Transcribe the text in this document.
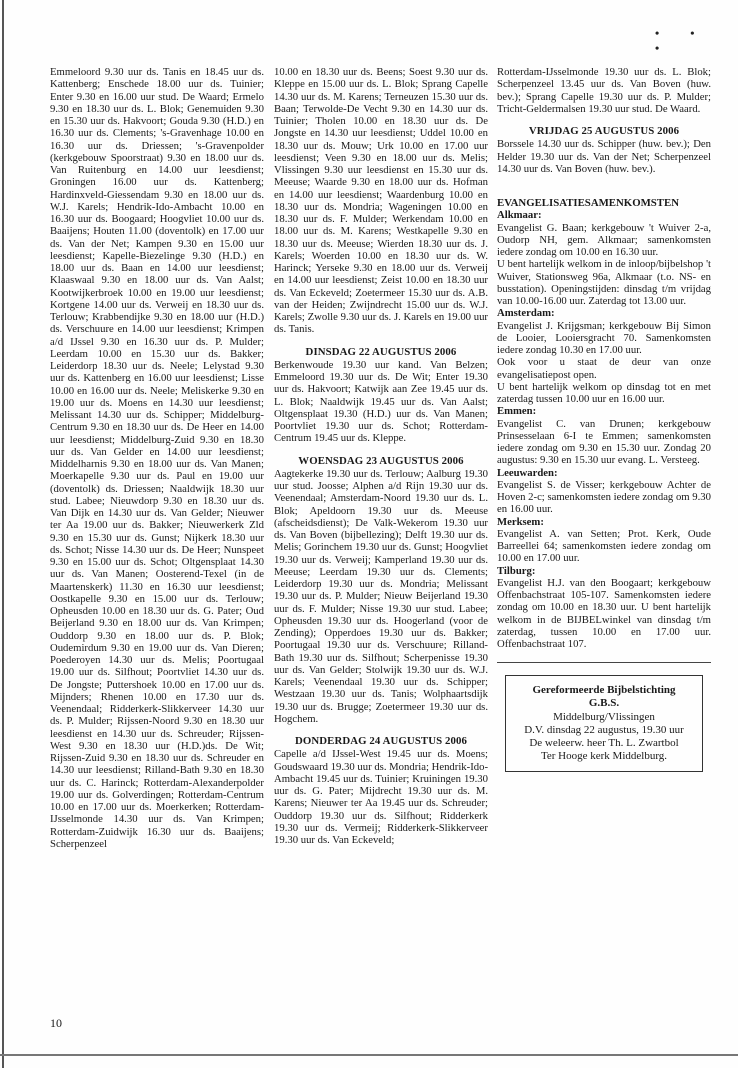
• • •

Emmeloord 9.30 uur ds. Tanis en 18.45 uur ds. Kattenberg; Enschede 18.00 uur ds. Tuinier; Enter 9.30 en 16.00 uur stud. De Waard; Ermelo 9.30 en 18.30 uur ds. L. Blok; Genemuiden 9.30 en 15.30 uur ds. Hakvoort; Gouda 9.30 (H.D.) en 16.30 uur ds. Clements; 's-Gravenhage 10.00 en 16.30 uur ds. Driessen; 's-Gravenpolder (kerkgebouw Spoorstraat) 9.30 en 18.00 uur ds. Van Ruitenburg en 14.00 uur leesdienst; Groningen 16.00 uur ds. Kattenberg; Hardinxveld-Giessendam 9.30 en 18.00 uur ds. W.J. Karels; Hendrik-Ido-Ambacht 10.00 en 16.30 uur ds. Boogaard; Hoogvliet 10.00 uur ds. Baaijens; Houten 11.00 (doventolk) en 17.00 uur ds. Van der Net; Kampen 9.30 en 15.00 uur leesdienst; Kapelle-Biezelinge 9.30 (H.D.) en 18.00 uur ds. Baan en 14.00 uur leesdienst; Klaaswaal 9.30 en 18.00 uur ds. Van Aalst; Kootwijkerbroek 10.00 en 19.00 uur leesdienst; Kortgene 14.00 uur ds. Verweij en 18.30 uur ds. Terlouw; Krabbendijke 9.30 en 18.00 uur (H.D.) ds. Verschuure en 14.00 uur leesdienst; Krimpen a/d IJssel 9.30 en 16.30 uur ds. P. Mulder; Leerdam 10.00 en 15.30 uur ds. Bakker; Leiderdorp 18.30 uur ds. Neele; Lelystad 9.30 uur ds. Kattenberg en 16.00 uur leesdienst; Lisse 10.00 en 16.00 uur ds. Neele; Meliskerke 9.30 en 19.00 uur ds. Moens en 14.30 uur leesdienst; Melissant 14.30 uur ds. Schipper; Middelburg-Centrum 9.30 en 18.30 uur ds. De Heer en 14.00 uur leesdienst; Middelburg-Zuid 9.30 en 18.30 uur ds. Van Gelder en 14.00 uur leesdienst; Middelharnis 9.30 en 18.00 uur ds. Van Manen; Moerkapelle 9.30 uur ds. Paul en 19.00 uur (doventolk) ds. Driessen; Naaldwijk 18.30 uur stud. Labee; Nieuwdorp 9.30 en 18.30 uur ds. Van Dijk en 14.30 uur ds. Van Gelder; Nieuwer ter Aa 19.00 uur ds. Bakker; Nieuwerkerk Zld 9.30 en 15.30 uur ds. Gunst; Nijkerk 18.30 uur ds. Schot; Nisse 14.30 uur ds. De Heer; Nunspeet 9.30 en 15.00 uur ds. Schot; Oltgensplaat 14.30 uur ds. Van Manen; Oosterend-Texel (in de Maartenskerk) 11.30 en 16.30 uur leesdienst; Oostkapelle 9.30 en 15.00 uur ds. Terlouw; Opheusden 10.00 en 18.30 uur ds. G. Pater; Oud Beijerland 9.30 en 18.00 uur ds. Van Krimpen; Ouddorp 9.30 en 18.00 uur ds. P. Blok; Oudemirdum 9.30 en 19.00 uur ds. Van Dieren; Poederoyen 14.30 uur ds. Melis; Poortugaal 19.00 uur ds. Silfhout; Poortvliet 14.30 uur ds. De Jongste; Puttershoek 10.00 en 17.00 uur ds. Mijnders; Rhenen 10.00 en 17.30 uur ds. Veenendaal; Ridderkerk-Slikkerveer 14.30 uur ds. P. Mulder; Rijssen-Noord 9.30 en 18.30 uur leesdienst en 14.30 uur ds. Schreuder; Rijssen-West 9.30 en 18.30 uur (H.D.)ds. De Wit; Rijssen-Zuid 9.30 en 18.30 uur ds. Schreuder en 14.30 uur leesdienst; Rilland-Bath 9.30 en 18.30 uur ds. C. Harinck; Rotterdam-Alexanderpolder 19.00 uur ds. Golverdingen; Rotterdam-Centrum 10.00 en 17.00 uur ds. Moerkerken; Rotterdam-IJsselmonde 14.30 uur ds. Van Krimpen; Rotterdam-Zuidwijk 16.30 uur ds. Baaijens; Scherpenzeel

10.00 en 18.30 uur ds. Beens; Soest 9.30 uur ds. Kleppe en 15.00 uur ds. L. Blok; Sprang Capelle 14.30 uur ds. M. Karens; Terneuzen 15.30 uur ds. Baan; Terwolde-De Vecht 9.30 en 14.30 uur ds. Tuinier; Tholen 10.00 en 18.30 uur ds. De Jongste en 14.30 uur leesdienst; Uddel 10.00 en 18.30 uur ds. Mouw; Urk 10.00 en 17.00 uur leesdienst; Veen 9.30 en 18.00 uur ds. Melis; Vlissingen 9.30 uur leesdienst en 15.30 uur ds. Meeuse; Waarde 9.30 en 18.00 uur ds. Hofman en 14.00 uur leesdienst; Waardenburg 10.00 en 18.30 uur ds. Mondria; Wageningen 10.00 en 18.30 uur ds. F. Mulder; Werkendam 10.00 en 18.00 uur ds. M. Karens; Westkapelle 9.30 en 18.30 uur ds. Meeuse; Wierden 18.30 uur ds. J. Karels; Woerden 10.00 en 18.30 uur ds. W. Harinck; Yerseke 9.30 en 18.00 uur ds. Verweij en 14.00 uur leesdienst; Zeist 10.00 en 18.30 uur ds. Van Eckeveld; Zoetermeer 15.30 uur ds. A.B. van der Heiden; Zwijndrecht 15.00 uur ds. W.J. Karels; Zwolle 9.30 uur ds. J. Karels en 19.00 uur ds. Tanis.

DINSDAG 22 AUGUSTUS 2006

Berkenwoude 19.30 uur kand. Van Belzen; Emmeloord 19.30 uur ds. De Wit; Enter 19.30 uur ds. Hakvoort; Katwijk aan Zee 19.45 uur ds. L. Blok; Naaldwijk 19.45 uur ds. Van Aalst; Oltgensplaat 19.30 (H.D.) uur ds. Van Manen; Poortvliet 19.30 uur ds. Schot; Rotterdam-Centrum 19.45 uur ds. Kleppe.

WOENSDAG 23 AUGUSTUS 2006

Aagtekerke 19.30 uur ds. Terlouw; Aalburg 19.30 uur stud. Joosse; Alphen a/d Rijn 19.30 uur ds. Veenendaal; Amsterdam-Noord 19.30 uur ds. L. Blok; Apeldoorn 19.30 uur ds. Meeuse (afscheidsdienst); De Valk-Wekerom 19.30 uur ds. Van Boven (bijbellezing); Delft 19.30 uur ds. Melis; Gorinchem 19.30 uur ds. Gunst; Hoogvliet 19.30 uur ds. Verweij; Kamperland 19.30 uur ds. Meeuse; Leerdam 19.30 uur ds. Clements; Leiderdorp 19.30 uur ds. Mondria; Melissant 19.30 uur ds. P. Mulder; Nieuw Beijerland 19.30 uur ds. F. Mulder; Nisse 19.30 uur stud. Labee; Opheusden 19.30 uur ds. Hoogerland (voor de Zending); Opperdoes 19.30 uur ds. Bakker; Poortugaal 19.30 uur ds. Verschuure; Rilland-Bath 19.30 uur ds. Silfhout; Scherpenisse 19.30 uur ds. Van Gelder; Stolwijk 19.30 uur ds. W.J. Karels; Veenendaal 19.30 uur ds. Schipper; Westzaan 19.30 uur ds. Tanis; Wolphaartsdijk 19.30 uur ds. Brugge; Zoetermeer 19.30 uur ds. Hogchem.

DONDERDAG 24 AUGUSTUS 2006

Capelle a/d IJssel-West 19.45 uur ds. Moens; Goudswaard 19.30 uur ds. Mondria; Hendrik-Ido-Ambacht 19.45 uur ds. Tuinier; Kruiningen 19.30 uur ds. G. Pater; Mijdrecht 19.30 uur ds. M. Karens; Nieuwer ter Aa 19.45 uur ds. Schreuder; Ouddorp 19.30 uur ds. Silfhout; Ridderkerk 19.30 uur ds. Vermeij; Ridderkerk-Slikkerveer 19.30 uur ds. Van Eckeveld;

Rotterdam-IJsselmonde 19.30 uur ds. L. Blok; Scherpenzeel 13.45 uur ds. Van Boven (huw. bev.); Sprang Capelle 19.30 uur ds. P. Mulder; Tricht-Geldermalsen 19.30 uur stud. De Waard.

VRIJDAG 25 AUGUSTUS 2006

Borssele 14.30 uur ds. Schipper (huw. bev.); Den Helder 19.30 uur ds. Van der Net; Scherpenzeel 14.30 uur ds. Van Boven (huw. bev.).

EVANGELISATIESAMENKOMSTEN

Alkmaar:

Evangelist G. Baan; kerkgebouw 't Wuiver 2-a, Oudorp NH, gem. Alkmaar; samenkomsten iedere zondag om 10.00 en 16.30 uur.

U bent hartelijk welkom in de inloop/bijbelshop 't Wuiver, Stationsweg 96a, Alkmaar (t.o. NS- en busstation). Openingstijden: dinsdag t/m vrijdag van 10.00-16.00 uur. Zaterdag tot 13.00 uur.

Amsterdam:

Evangelist J. Krijgsman; kerkgebouw Bij Simon de Looier, Looiersgracht 70. Samenkomsten iedere zondag 10.30 en 17.00 uur.

Ook voor u staat de deur van onze evangelisatiepost open.

U bent hartelijk welkom op dinsdag tot en met zaterdag tussen 10.00 uur en 16.00 uur.

Emmen:

Evangelist C. van Drunen; kerkgebouw Prinsesselaan 6-I te Emmen; samenkomsten iedere zondag om 9.30 en 15.30 uur. Zondag 20 augustus: 9.30 en 15.30 uur evang. L. Versteeg.

Leeuwarden:

Evangelist S. de Visser; kerkgebouw Achter de Hoven 2-c; samenkomsten iedere zondag om 9.30 en 16.00 uur.

Merksem:

Evangelist A. van Setten; Prot. Kerk, Oude Barreellei 64; samenkomsten iedere zondag om 10.00 en 17.00 uur.

Tilburg:

Evangelist H.J. van den Boogaart; kerkgebouw Offenbachstraat 105-107. Samenkomsten iedere zondag om 10.00 en 18.30 uur. U bent hartelijk welkom in de BIJBELwinkel van dinsdag t/m zaterdag, tussen 10.00 en 17.00 uur. Offenbachstraat 107.

Gereformeerde Bijbelstichting
G.B.S.
Middelburg/Vlissingen
D.V. dinsdag 22 augustus, 19.30 uur
De weleerw. heer Th. L. Zwartbol
Ter Hooge kerk Middelburg.
10
